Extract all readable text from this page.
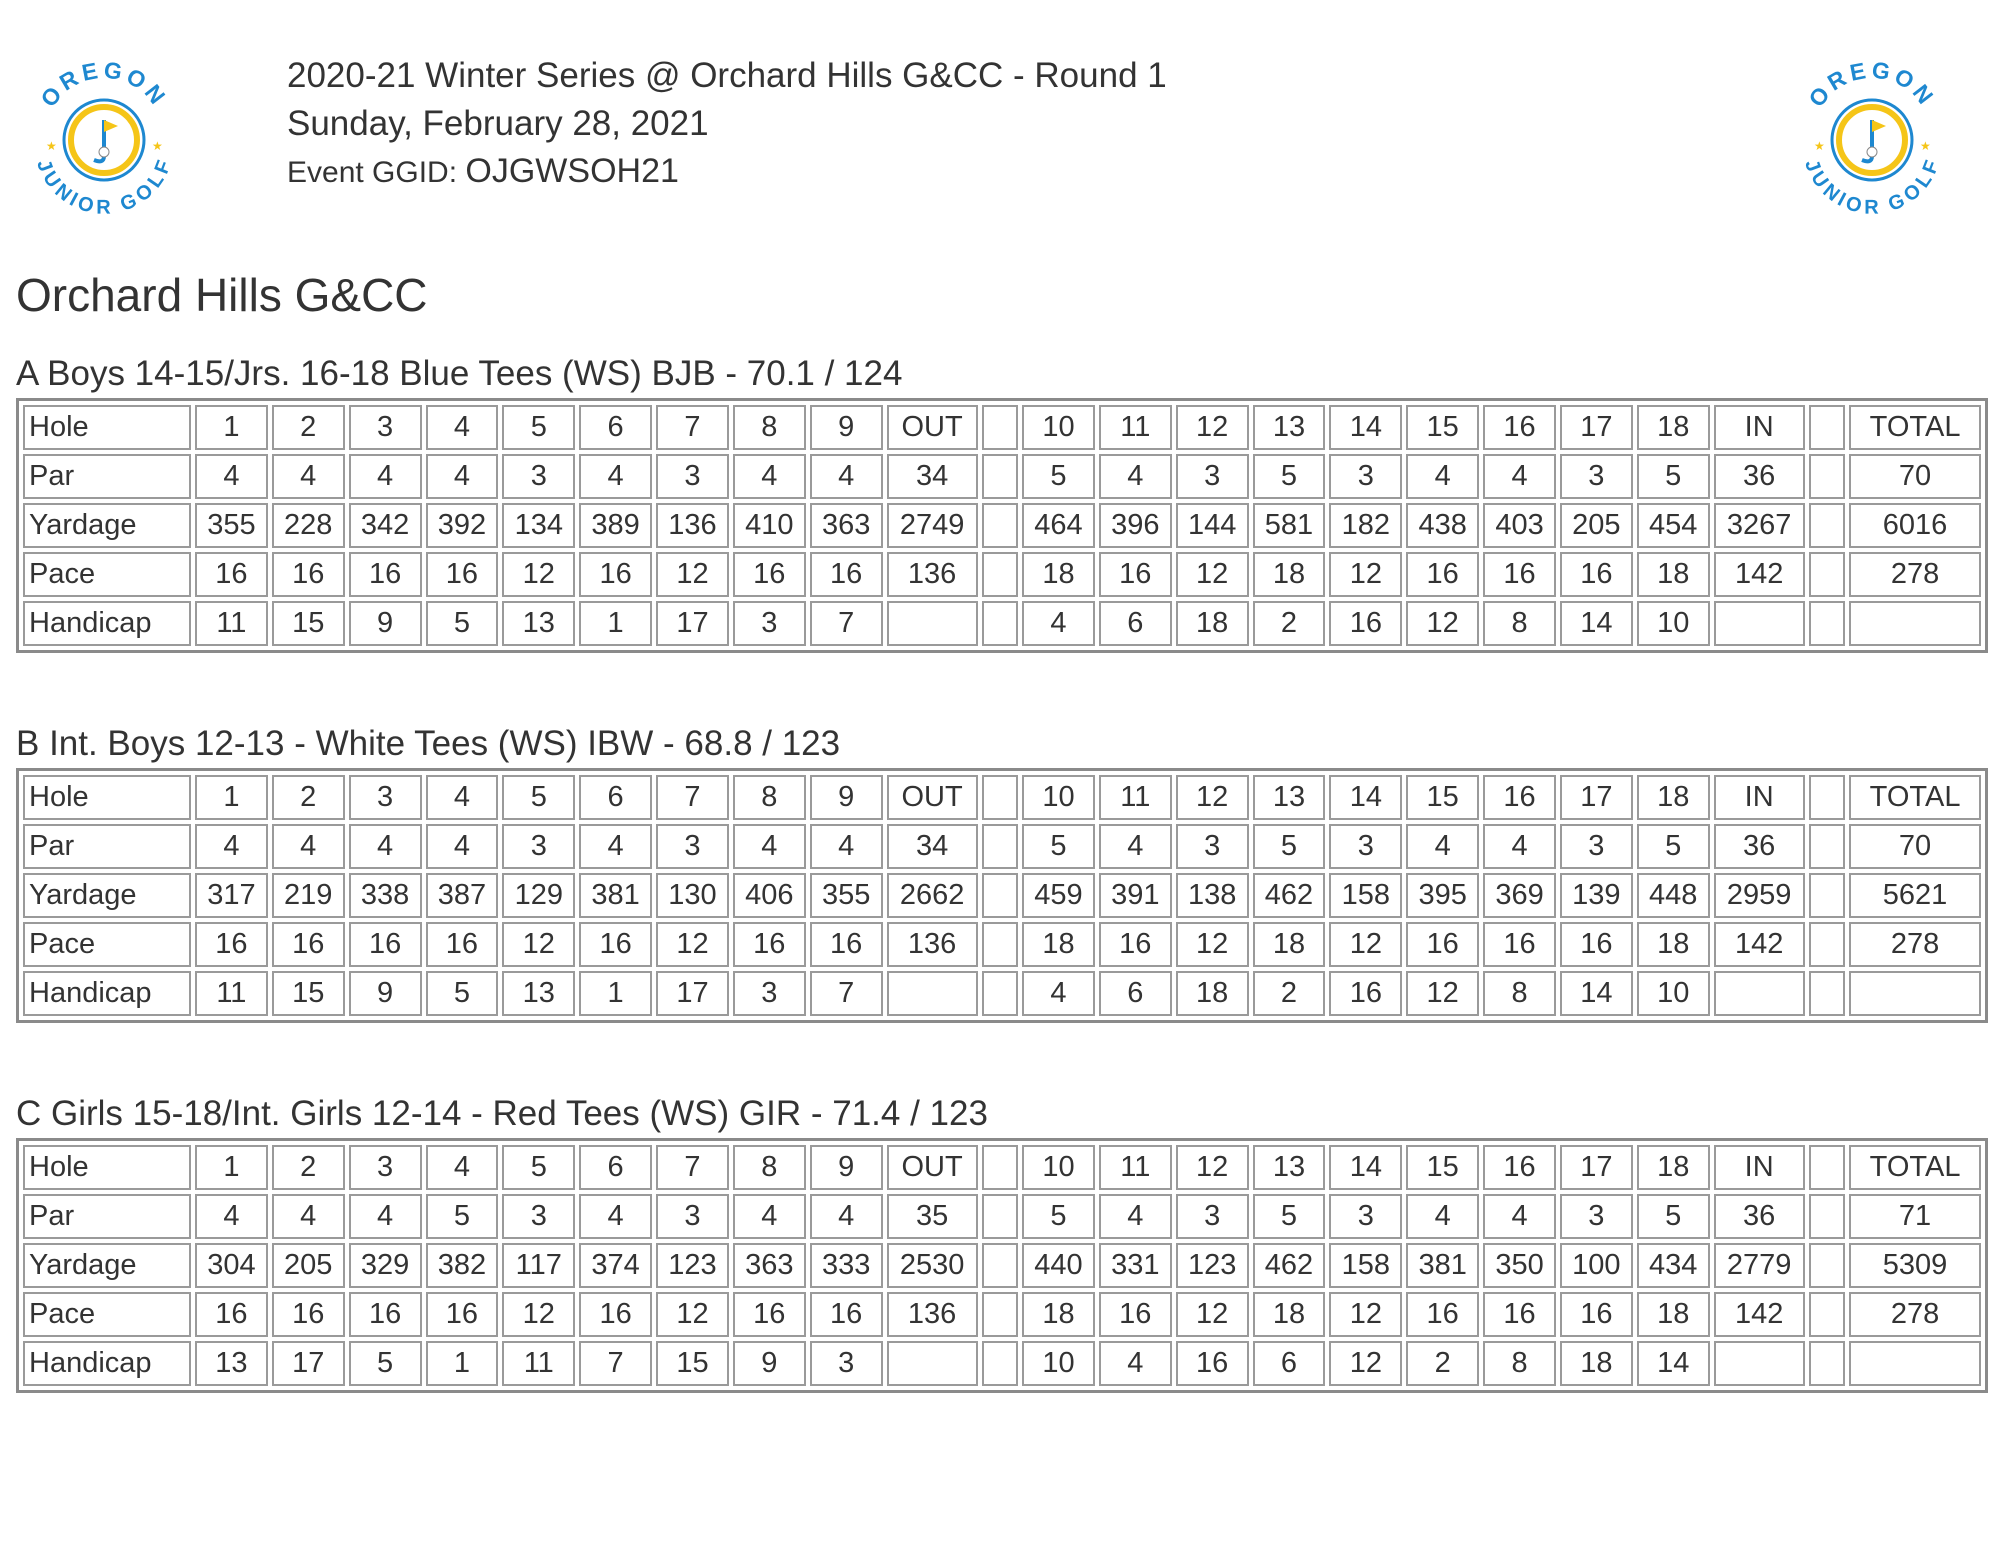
OREGON
JUNIOR GOLF
★	★
OREGON
JUNIOR GOLF
★	★
2020-21 Winter Series @ Orchard Hills G&CC - Round 1
Sunday, February 28, 2021
Event GGID: OJGWSOH21
Orchard Hills G&CC
A Boys 14-15/Jrs. 16-18 Blue Tees (WS) BJB - 70.1 / 124
Hole	1	2	3	4	5	6	7	8	9	OUT		10	11	12	13	14	15	16	17	18	IN		TOTAL
Par	4	4	4	4	3	4	3	4	4	34		5	4	3	5	3	4	4	3	5	36		70
Yardage	355	228	342	392	134	389	136	410	363	2749		464	396	144	581	182	438	403	205	454	3267		6016
Pace	16	16	16	16	12	16	12	16	16	136		18	16	12	18	12	16	16	16	18	142		278
Handicap	11	15	9	5	13	1	17	3	7			4	6	18	2	16	12	8	14	10			
B Int. Boys 12-13 - White Tees (WS) IBW - 68.8 / 123
Hole	1	2	3	4	5	6	7	8	9	OUT		10	11	12	13	14	15	16	17	18	IN		TOTAL
Par	4	4	4	4	3	4	3	4	4	34		5	4	3	5	3	4	4	3	5	36		70
Yardage	317	219	338	387	129	381	130	406	355	2662		459	391	138	462	158	395	369	139	448	2959		5621
Pace	16	16	16	16	12	16	12	16	16	136		18	16	12	18	12	16	16	16	18	142		278
Handicap	11	15	9	5	13	1	17	3	7			4	6	18	2	16	12	8	14	10			
C Girls 15-18/Int. Girls 12-14 - Red Tees (WS) GIR - 71.4 / 123
Hole	1	2	3	4	5	6	7	8	9	OUT		10	11	12	13	14	15	16	17	18	IN		TOTAL
Par	4	4	4	5	3	4	3	4	4	35		5	4	3	5	3	4	4	3	5	36		71
Yardage	304	205	329	382	117	374	123	363	333	2530		440	331	123	462	158	381	350	100	434	2779		5309
Pace	16	16	16	16	12	16	12	16	16	136		18	16	12	18	12	16	16	16	18	142		278
Handicap	13	17	5	1	11	7	15	9	3			10	4	16	6	12	2	8	18	14			
